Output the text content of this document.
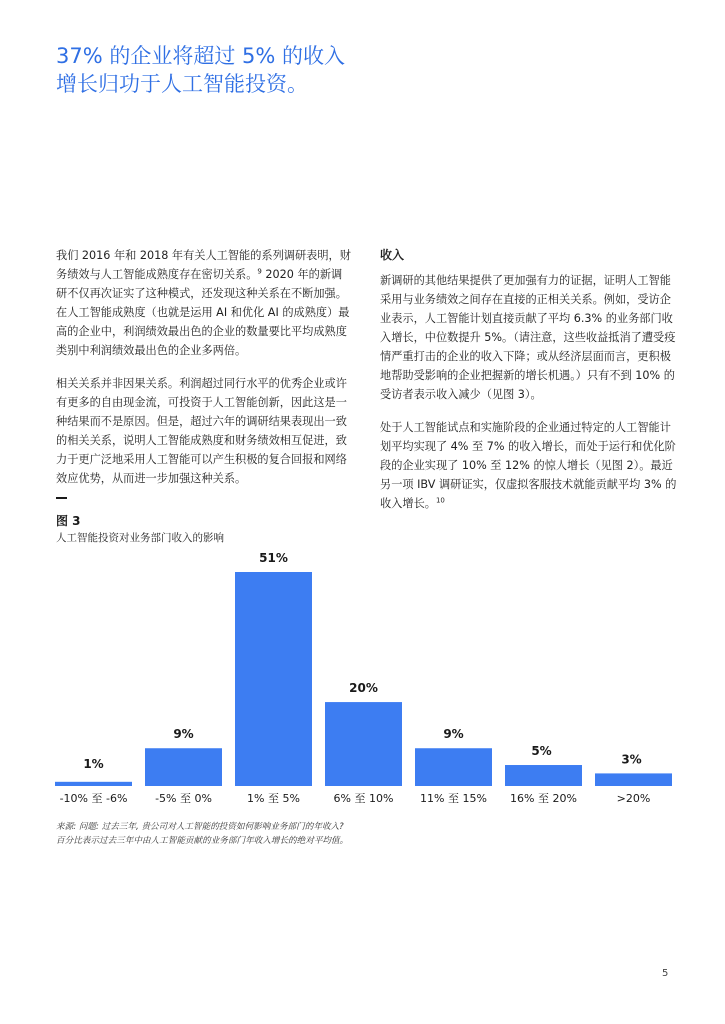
37% 的企业将超过 5% 的收入
增长归功于人工智能投资。

我们 2016 年和 2018 年有关人工智能的系列调研表明，财务绩效与人工智能成熟度存在密切关系。$^9$ 2020 年的新调研不仅再次证实了这种模式，还发现这种关系在不断加强。在人工智能成熟度（也就是运用 AI 和优化 AI 的成熟度）最高的企业中，利润绩效最出色的企业的数量要比平均成熟度类别中利润绩效最出色的企业多两倍。

相关关系并非因果关系。利润超过同行水平的优秀企业或许有更多的自由现金流，可投资于人工智能创新，因此这是一种结果而不是原因。但是，超过六年的调研结果表现出一致的相关关系，说明人工智能成熟度和财务绩效相互促进，致力于更广泛地采用人工智能可以产生积极的复合回报和网络效应优势，从而进一步加强这种关系。

收入

新调研的其他结果提供了更加强有力的证据，证明人工智能采用与业务绩效之间存在直接的正相关关系。例如，受访企业表示，人工智能计划直接贡献了平均 6.3% 的业务部门收入增长，中位数提升 5%。（请注意，这些收益抵消了遭受疫情严重打击的企业的收入下降；或从经济层面而言，更积极地帮助受影响的企业把握新的增长机遇。）只有不到 10% 的受访者表示收入减少（见图 3）。

处于人工智能试点和实施阶段的企业通过特定的人工智能计划平均实现了 4% 至 7% 的收入增长，而处于运行和优化阶段的企业实现了 10% 至 12% 的惊人增长（见图 2）。最近另一项 IBV 调研证实，仅虚拟客服技术就能贡献平均 3% 的收入增长。$^{10}$

图 3
人工智能投资对业务部门收入的影响
1%
-10% 至 -6%
9%
-5% 至 0%
51%
1% 至 5%
20%
6% 至 10%
9%
11% 至 15%
5%
16% 至 20%
3%
>20%
来源: 问题: 过去三年, 贵公司对人工智能的投资如何影响业务部门的年收入?
百分比表示过去三年中由人工智能贡献的业务部门年收入增长的绝对平均值。
5
